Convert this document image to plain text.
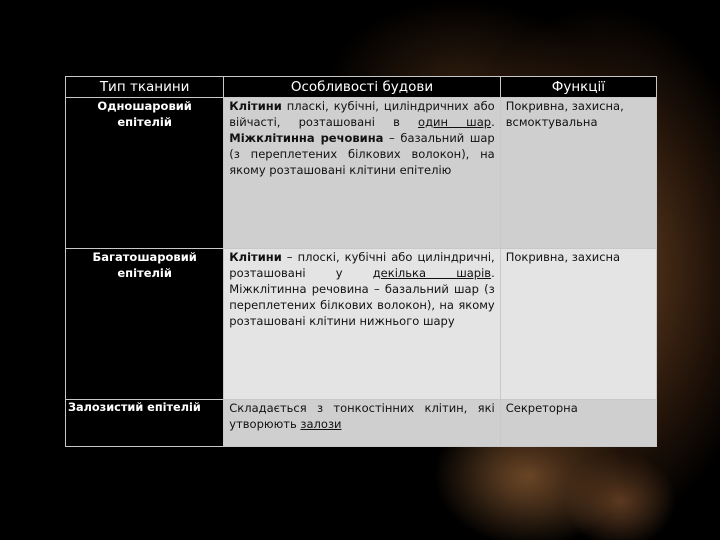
Тип тканини	Особливості будови	Функції
Одношаровий епітелій	Клітини пласкі, кубічні, циліндричних або війчасті, розташовані в один шар. Міжклітинна речовина – базальний шар (з переплетених білкових волокон), на якому розташовані клітини епітелію	Покривна, захисна, всмоктувальна
Багатошаровий епітелій	Клітини – плоскі, кубічні або циліндричні, розташовані у декілька шарів. Міжклітинна речовина – базальний шар (з переплетених білкових волокон), на якому розташовані клітини нижнього шару	Покривна, захисна
Залозистий епітелій	Складається з тонкостінних клітин, які утворюють залози	Секреторна
